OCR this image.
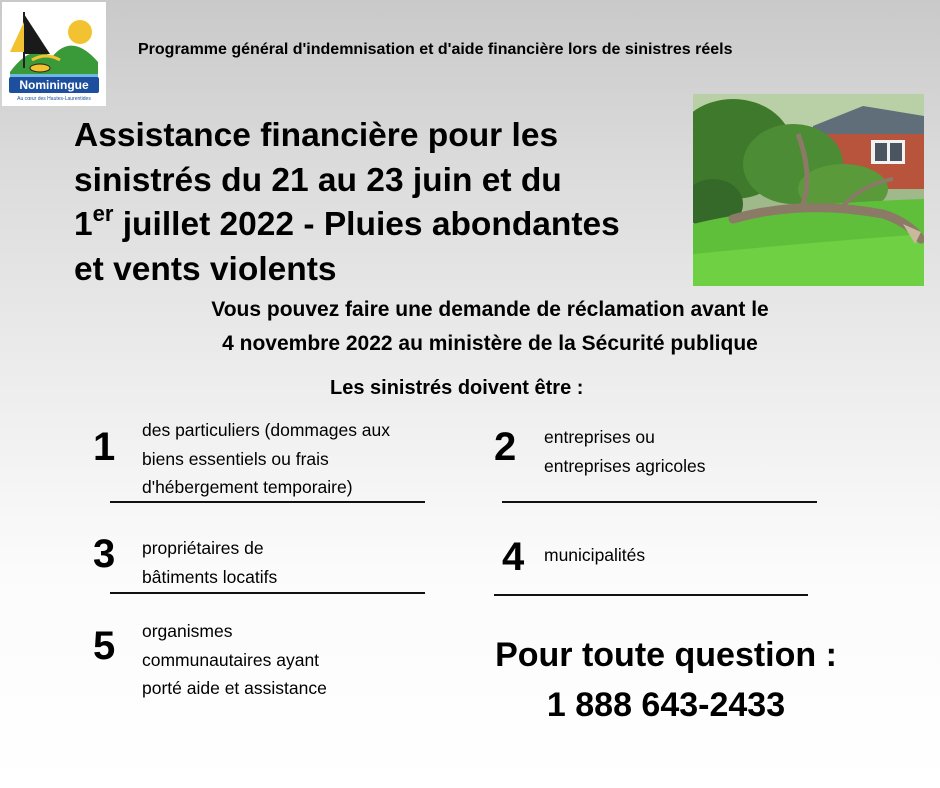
Nominingue
Au cœur des Hautes-Laurentides
Programme général d'indemnisation et d'aide financière lors de sinistres réels
Assistance financière pour les
sinistrés du 21 au 23 juin et du
1er juillet 2022 - Pluies abondantes
et vents violents
Vous pouvez faire une demande de réclamation avant le
4 novembre 2022 au ministère de la Sécurité publique
Les sinistrés doivent être :
1 des particuliers (dommages aux
biens essentiels ou frais
d'hébergement temporaire)
2 entreprises ou
entreprises agricoles
3 propriétaires de
bâtiments locatifs	4 municipalités
5 organismes
communautaires ayant
porté aide et assistance
Pour toute question :
1 888 643-2433
